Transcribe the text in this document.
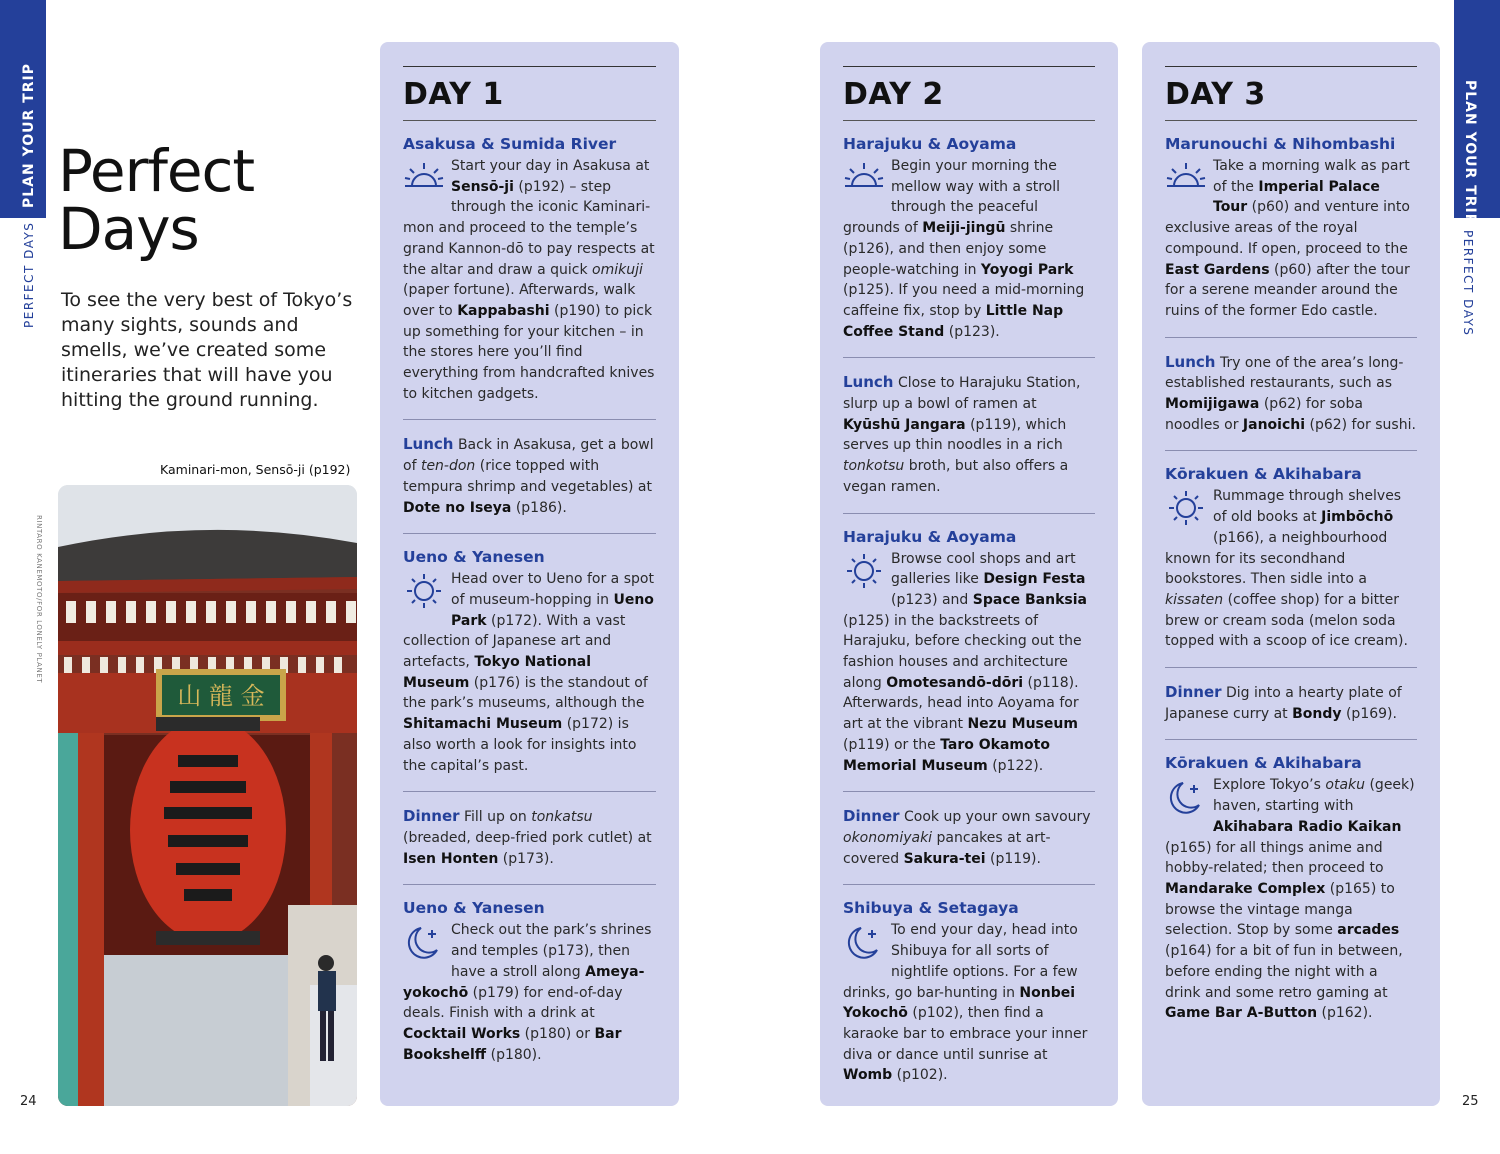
PLAN YOUR TRIP
PERFECT DAYS
PLAN YOUR TRIP
PERFECT DAYS
24	25
Perfect
Days
To see the very best of Tokyo’s many sights, sounds and smells, we’ve created some itineraries that will have you hitting the ground running.
Kaminari-mon, Sensō-ji (p192)
RINTARO KANEMOTO/FOR LONELY PLANET
山 龍 金
DAY 1
Asakusa & Sumida River
Start your day in Asakusa at Sensō-ji (p192) – step through the iconic Kaminari-mon and proceed to the temple’s grand Kannon-dō to pay respects at the altar and draw a quick omikuji (paper fortune). Afterwards, walk over to Kappabashi (p190) to pick up something for your kitchen – in the stores here you’ll find everything from handcrafted knives to kitchen gadgets.
Lunch Back in Asakusa, get a bowl of ten-don (rice topped with tempura shrimp and vegetables) at Dote no Iseya (p186).
Ueno & Yanesen
Head over to Ueno for a spot of museum-hopping in Ueno Park (p172). With a vast collection of Japanese art and artefacts, Tokyo National Museum (p176) is the standout of the park’s museums, although the Shitamachi Museum (p172) is also worth a look for insights into the capital’s past.
Dinner Fill up on tonkatsu (breaded, deep-fried pork cutlet) at Isen Honten (p173).
Ueno & Yanesen
Check out the park’s shrines and temples (p173), then have a stroll along Ameya-yokochō (p179) for end-of-day deals. Finish with a drink at Cocktail Works (p180) or Bar Bookshelff (p180).
DAY 2
Harajuku & Aoyama
Begin your morning the mellow way with a stroll through the peaceful grounds of Meiji-jingū shrine (p126), and then enjoy some people-watching in Yoyogi Park (p125). If you need a mid-morning caffeine fix, stop by Little Nap Coffee Stand (p123).
Lunch Close to Harajuku Station, slurp up a bowl of ramen at Kyūshū Jangara (p119), which serves up thin noodles in a rich tonkotsu broth, but also offers a vegan ramen.
Harajuku & Aoyama
Browse cool shops and art galleries like Design Festa (p123) and Space Banksia (p125) in the backstreets of Harajuku, before checking out the fashion houses and architecture along Omotesandō-dōri (p118). Afterwards, head into Aoyama for art at the vibrant Nezu Museum (p119) or the Taro Okamoto Memorial Museum (p122).
Dinner Cook up your own savoury okonomiyaki pancakes at art-covered Sakura-tei (p119).
Shibuya & Setagaya
To end your day, head into Shibuya for all sorts of nightlife options. For a few drinks, go bar-hunting in Nonbei Yokochō (p102), then find a karaoke bar to embrace your inner diva or dance until sunrise at Womb (p102).
DAY 3
Marunouchi & Nihombashi
Take a morning walk as part of the Imperial Palace Tour (p60) and venture into exclusive areas of the royal compound. If open, proceed to the East Gardens (p60) after the tour for a serene meander around the ruins of the former Edo castle.
Lunch Try one of the area’s long-established restaurants, such as Momijigawa (p62) for soba noodles or Janoichi (p62) for sushi.
Kōrakuen & Akihabara
Rummage through shelves of old books at Jimbōchō (p166), a neighbourhood known for its secondhand bookstores. Then sidle into a kissaten (coffee shop) for a bitter brew or cream soda (melon soda topped with a scoop of ice cream).
Dinner Dig into a hearty plate of Japanese curry at Bondy (p169).
Kōrakuen & Akihabara
Explore Tokyo’s otaku (geek) haven, starting with Akihabara Radio Kaikan (p165) for all things anime and hobby-related; then proceed to Mandarake Complex (p165) to browse the vintage manga selection. Stop by some arcades (p164) for a bit of fun in between, before ending the night with a drink and some retro gaming at Game Bar A-Button (p162).
